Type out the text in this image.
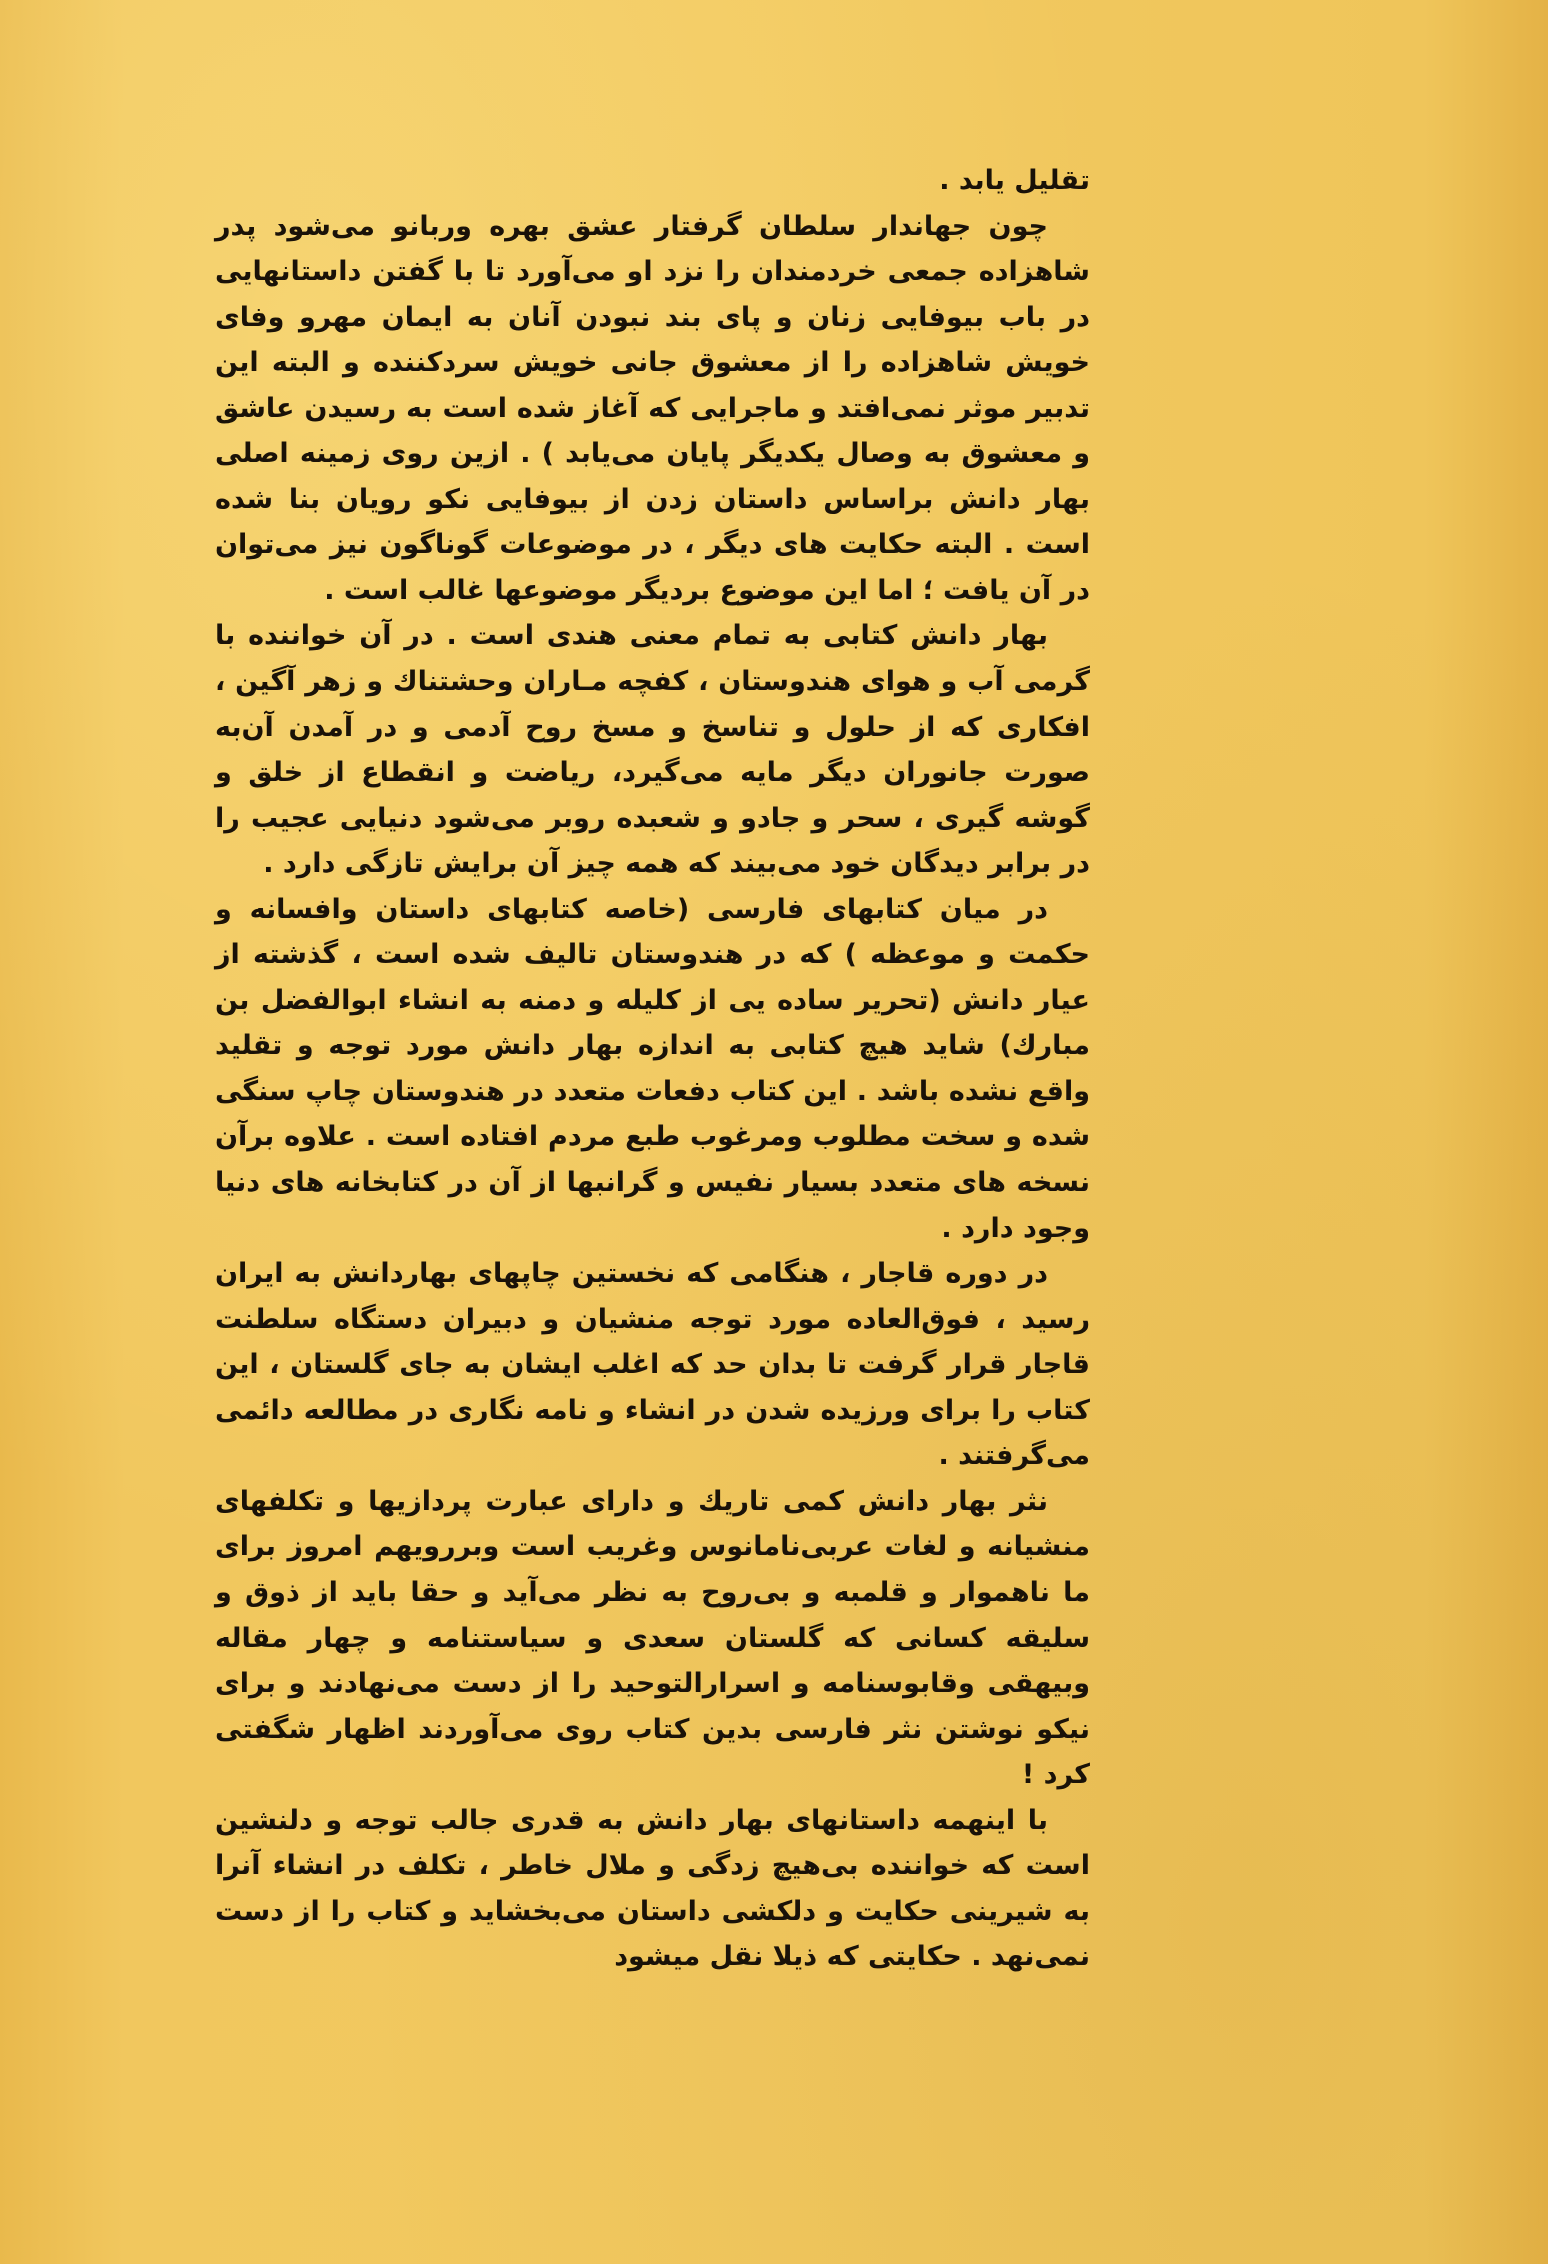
تقلیل یابد .

چون جهاندار سلطان گرفتار عشق بهره وربانو می‌شود پدر شاهزاده جمعی خردمندان را نزد او می‌آورد تا با گفتن داستانهایی در باب بیوفایی زنان و پای بند نبودن آنان به ایمان مهرو وفای خویش شاهزاده را از معشوق جانی خویش سردکننده و البته این تدبیر موثر نمی‌افتد و ماجرایی که آغاز شده است به رسیدن عاشق و معشوق به وصال یکدیگر پایان می‌یابد ) . ازین روی زمینه اصلی بهار دانش براساس داستان زدن از بیوفایی نکو رویان بنا شده است . البته حکایت های دیگر ، در موضوعات گوناگون نیز می‌توان در آن یافت ؛ اما این موضوع بردیگر موضوعها غالب است .

بهار دانش کتابی به تمام معنی هندی است . در آن خواننده با گرمی آب و هوای هندوستان ، کفچه مـاران وحشتناك و زهر آگین ، افکاری که از حلول و تناسخ و مسخ روح آدمی و در آمدن آن‌به صورت جانوران دیگر مایه می‌گیرد، ریاضت و انقطاع از خلق و گوشه گیری ، سحر و جادو و شعبده روبر می‌شود دنیایی عجیب را در برابر دیدگان خود می‌بیند که همه چیز آن برایش تازگی دارد .

در میان کتابهای فارسی (خاصه کتابهای داستان وافسانه و حکمت و موعظه ) که در هندوستان تالیف شده است ، گذشته از عیار دانش (تحریر ساده یی از کلیله و دمنه به انشاء ابوالفضل بن مبارك) شاید هیچ کتابی به اندازه بهار دانش مورد توجه و تقلید واقع نشده باشد . این کتاب دفعات متعدد در هندوستان چاپ سنگی شده و سخت مطلوب ومرغوب طبع مردم افتاده است . علاوه برآن نسخه های متعدد بسیار نفیس و گرانبها از آن در کتابخانه های دنیا وجود دارد .

در دوره قاجار ، هنگامی که نخستین چاپهای بهاردانش به ایران رسید ، فوق‌العاده مورد توجه منشیان و دبیران دستگاه سلطنت قاجار قرار گرفت تا بدان حد که اغلب ایشان به جای گلستان ، این کتاب را برای ورزیده شدن در انشاء و نامه نگاری در مطالعه دائمی می‌گرفتند .

نثر بهار دانش کمی تاریك و دارای عبارت پردازیها و تکلفهای منشیانه و لغات عربی‌نامانوس وغریب است وبررویهم امروز برای ما ناهموار و قلمبه و بی‌روح به نظر می‌آید و حقا باید از ذوق و سلیقه کسانی که گلستان سعدی و سیاستنامه و چهار مقاله وبیهقی وقابوسنامه و اسرارالتوحید را از دست می‌نهادند و برای نیکو نوشتن نثر فارسی بدین کتاب روی می‌آوردند اظهار شگفتی کرد !

با اینهمه داستانهای بهار دانش به قدری جالب توجه و دلنشین است که خواننده بی‌هیچ زدگی و ملال خاطر ، تکلف در انشاء آنرا به شیرینی حکایت و دلکشی داستان می‌بخشاید و کتاب را از دست نمی‌نهد . حکایتی که ذیلا نقل میشود
